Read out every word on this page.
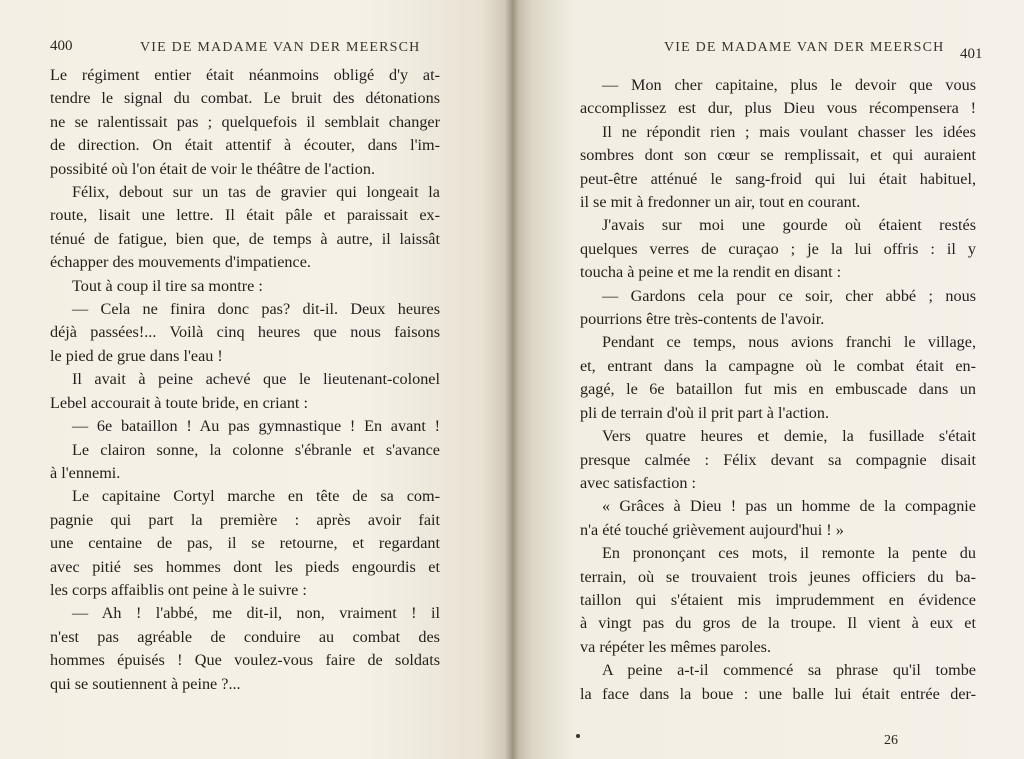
400	VIE DE MADAME VAN DER MEERSCH
Le régiment entier était néanmoins obligé d'y at-
tendre le signal du combat. Le bruit des détonations
ne se ralentissait pas ; quelquefois il semblait changer
de direction. On était attentif à écouter, dans l'im-
possibité où l'on était de voir le théâtre de l'action.
Félix, debout sur un tas de gravier qui longeait la
route, lisait une lettre. Il était pâle et paraissait ex-
ténué de fatigue, bien que, de temps à autre, il laissât
échapper des mouvements d'impatience.
Tout à coup il tire sa montre :
— Cela ne finira donc pas? dit-il. Deux heures
déjà passées!... Voilà cinq heures que nous faisons
le pied de grue dans l'eau !
Il avait à peine achevé que le lieutenant-colonel
Lebel accourait à toute bride, en criant :
— 6e bataillon ! Au pas gymnastique ! En avant !
Le clairon sonne, la colonne s'ébranle et s'avance
à l'ennemi.
Le capitaine Cortyl marche en tête de sa com-
pagnie qui part la première : après avoir fait
une centaine de pas, il se retourne, et regardant
avec pitié ses hommes dont les pieds engourdis et
les corps affaiblis ont peine à le suivre :
— Ah ! l'abbé, me dit-il, non, vraiment ! il
n'est pas agréable de conduire au combat des
hommes épuisés ! Que voulez-vous faire de soldats
qui se soutiennent à peine ?...
VIE DE MADAME VAN DER MEERSCH 401
— Mon cher capitaine, plus le devoir que vous
accomplissez est dur, plus Dieu vous récompensera !
Il ne répondit rien ; mais voulant chasser les idées
sombres dont son cœur se remplissait, et qui auraient
peut-être atténué le sang-froid qui lui était habituel,
il se mit à fredonner un air, tout en courant.
J'avais sur moi une gourde où étaient restés
quelques verres de curaçao ; je la lui offris : il y
toucha à peine et me la rendit en disant :
— Gardons cela pour ce soir, cher abbé ; nous
pourrions être très-contents de l'avoir.
Pendant ce temps, nous avions franchi le village,
et, entrant dans la campagne où le combat était en-
gagé, le 6e bataillon fut mis en embuscade dans un
pli de terrain d'où il prit part à l'action.
Vers quatre heures et demie, la fusillade s'était
presque calmée : Félix devant sa compagnie disait
avec satisfaction :
« Grâces à Dieu ! pas un homme de la compagnie
n'a été touché grièvement aujourd'hui ! »
En prononçant ces mots, il remonte la pente du
terrain, où se trouvaient trois jeunes officiers du ba-
taillon qui s'étaient mis imprudemment en évidence
à vingt pas du gros de la troupe. Il vient à eux et
va répéter les mêmes paroles.
A peine a-t-il commencé sa phrase qu'il tombe
la face dans la boue : une balle lui était entrée der-
26
